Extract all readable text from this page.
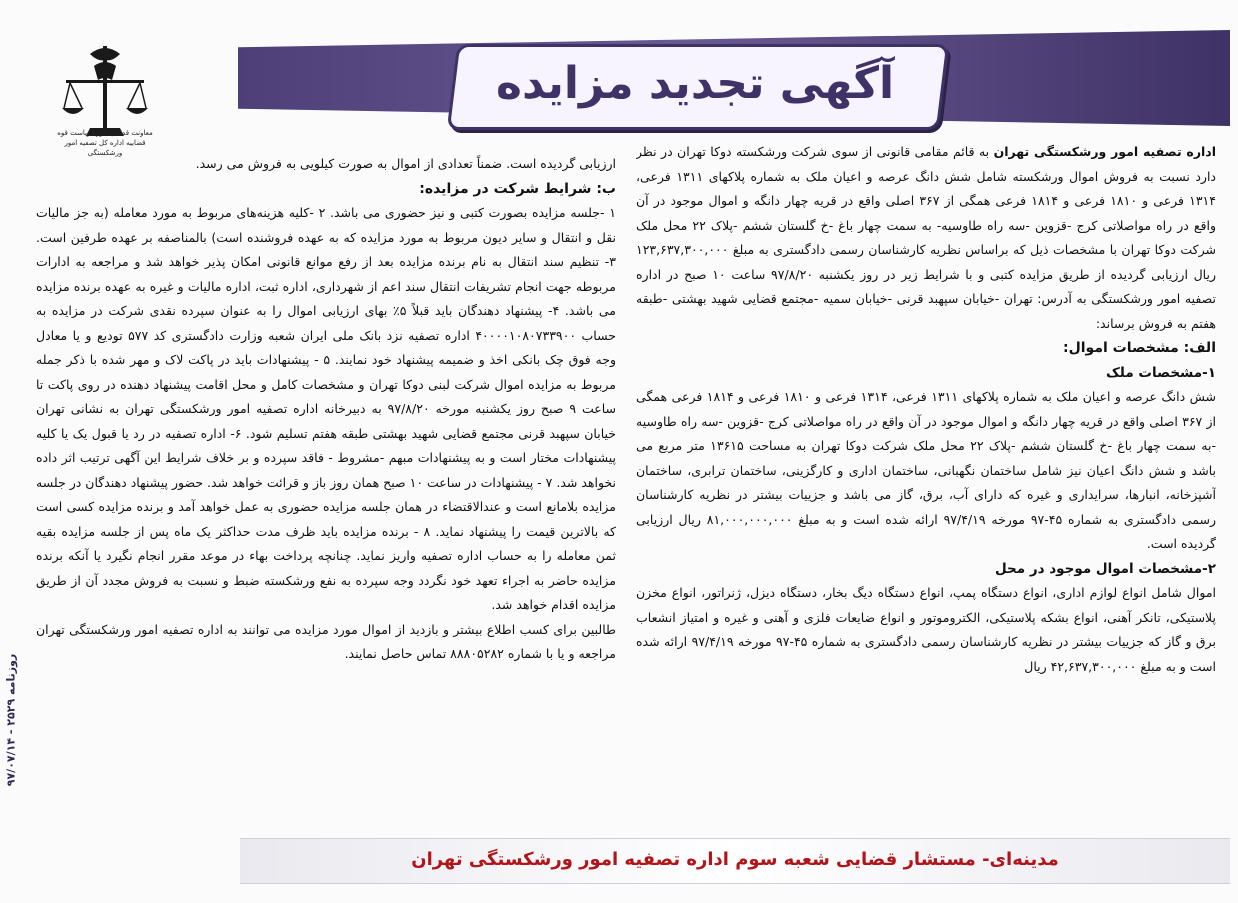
آگهی تجدید مزایده
معاونت قضایی حوزه ریاست قوه قضاییه اداره کل تصفیه امور ورشکستگی	اداره تصفیه امور ورشکستگی تهران به قائم مقامی قانونی از سوی شرکت ورشکسته دوکا تهران در نظر دارد نسبت به فروش اموال ورشکسته شامل شش دانگ عرصه و اعیان ملک به شماره پلاکهای ۱۳۱۱ فرعی، ۱۳۱۴ فرعی و ۱۸۱۰ فرعی و ۱۸۱۴ فرعی همگی از ۳۶۷ اصلی واقع در قریه چهار دانگه و اموال موجود در آن واقع در راه مواصلاتی کرج -قزوین -سه راه طاوسیه- به سمت چهار باغ -خ گلستان ششم -پلاک ۲۲ محل ملک شرکت دوکا تهران با مشخصات ذیل که براساس نظریه کارشناسان رسمی دادگستری به مبلغ ۱۲۳,۶۳۷,۳۰۰,۰۰۰ ریال ارزیابی گردیده از طریق مزایده کتبی و با شرایط زیر در روز یکشنبه ۹۷/۸/۲۰ ساعت ۱۰ صبح در اداره تصفیه امور ورشکستگی به آدرس: تهران -خیابان سپهبد قرنی -خیابان سمیه -مجتمع قضایی شهید بهشتی -طبقه هفتم به فروش برساند:

الف: مشخصات اموال:
۱-مشخصات ملک

شش دانگ عرصه و اعیان ملک به شماره پلاکهای ۱۳۱۱ فرعی، ۱۳۱۴ فرعی و ۱۸۱۰ فرعی و ۱۸۱۴ فرعی همگی از ۳۶۷ اصلی واقع در قریه چهار دانگه و اموال موجود در آن واقع در راه مواصلاتی کرج -قزوین -سه راه طاوسیه -به سمت چهار باغ -خ گلستان ششم -پلاک ۲۲ محل ملک شرکت دوکا تهران به مساحت ۱۳۶۱۵ متر مربع می باشد و شش دانگ اعیان نیز شامل ساختمان نگهبانی، ساختمان اداری و کارگزینی، ساختمان ترابری، ساختمان آشپزخانه، انبارها، سرایداری و غیره که دارای آب، برق، گاز می باشد و جزییات بیشتر در نظریه کارشناسان رسمی دادگستری به شماره ۴۵-۹۷ مورخه ۹۷/۴/۱۹ ارائه شده است و به مبلغ ۸۱,۰۰۰,۰۰۰,۰۰۰ ریال ارزیابی گردیده است.

۲-مشخصات اموال موجود در محل

اموال شامل انواع لوازم اداری، انواع دستگاه پمپ، انواع دستگاه دیگ بخار، دستگاه دیزل، ژنراتور، انواع مخزن پلاستیکی، تانکر آهنی، انواع بشکه پلاستیکی، الکتروموتور و انواع ضایعات فلزی و آهنی و غیره و امتیاز انشعاب برق و گاز که جزییات بیشتر در نظریه کارشناسان رسمی دادگستری به شماره ۴۵-۹۷ مورخه ۹۷/۴/۱۹ ارائه شده است و به مبلغ ۴۲,۶۳۷,۳۰۰,۰۰۰ ریال

ارزیابی گردیده است. ضمناً تعدادی از اموال به صورت کیلویی به فروش می رسد.

ب: شرایط شرکت در مزایده:

۱ -جلسه مزایده بصورت کتبی و نیز حضوری می باشد. ۲ -کلیه هزینه‌های مربوط به مورد معامله (به جز مالیات نقل و انتقال و سایر دیون مربوط به مورد مزایده که به عهده فروشنده است) بالمناصفه بر عهده طرفین است. ۳- تنظیم سند انتقال به نام برنده مزایده بعد از رفع موانع قانونی امکان پذیر خواهد شد و مراجعه به ادارات مربوطه جهت انجام تشریفات انتقال سند اعم از شهرداری، اداره ثبت، اداره مالیات و غیره به عهده برنده مزایده می باشد. ۴- پیشنهاد دهندگان باید قبلاً ۵٪ بهای ارزیابی اموال را به عنوان سپرده نقدی شرکت در مزایده به حساب ۴۰۰۰۰۱۰۸۰۷۳۳۹۰۰ اداره تصفیه نزد بانک ملی ایران شعبه وزارت دادگستری کد ۵۷۷ تودیع و یا معادل وجه فوق چک بانکی اخذ و ضمیمه پیشنهاد خود نمایند. ۵ - پیشنهادات باید در پاکت لاک و مهر شده با ذکر جمله مربوط به مزایده اموال شرکت لبنی دوکا تهران و مشخصات کامل و محل اقامت پیشنهاد دهنده در روی پاکت تا ساعت ۹ صبح روز یکشنبه مورخه ۹۷/۸/۲۰ به دبیرخانه اداره تصفیه امور ورشکستگی تهران به نشانی تهران خیابان سپهبد قرنی مجتمع قضایی شهید بهشتی طبقه هفتم تسلیم شود. ۶- اداره تصفیه در رد یا قبول یک یا کلیه پیشنهادات مختار است و به پیشنهادات مبهم -مشروط - فاقد سپرده و بر خلاف شرایط این آگهی ترتیب اثر داده نخواهد شد. ۷ - پیشنهادات در ساعت ۱۰ صبح همان روز باز و قرائت خواهد شد. حضور پیشنهاد دهندگان در جلسه مزایده بلامانع است و عندالاقتضاء در همان جلسه مزایده حضوری به عمل خواهد آمد و برنده مزایده کسی است که بالاترین قیمت را پیشنهاد نماید. ۸ - برنده مزایده باید ظرف مدت حداکثر یک ماه پس از جلسه مزایده بقیه ثمن معامله را به حساب اداره تصفیه واریز نماید. چنانچه پرداخت بهاء در موعد مقرر انجام نگیرد یا آنکه برنده مزایده حاضر به اجراء تعهد خود نگردد وجه سپرده به نفع ورشکسته ضبط و نسبت به فروش مجدد آن از طریق مزایده اقدام خواهد شد.

طالبین برای کسب اطلاع بیشتر و بازدید از اموال مورد مزایده می توانند به اداره تصفیه امور ورشکستگی تهران مراجعه و یا با شماره ۸۸۸۰۵۲۸۲ تماس حاصل نمایند.

روزنامه ۲۵۲۹ - ۹۷/۰۷/۱۴
مدینه‌ای- مستشار قضایی شعبه سوم اداره تصفیه امور ورشکستگی تهران
